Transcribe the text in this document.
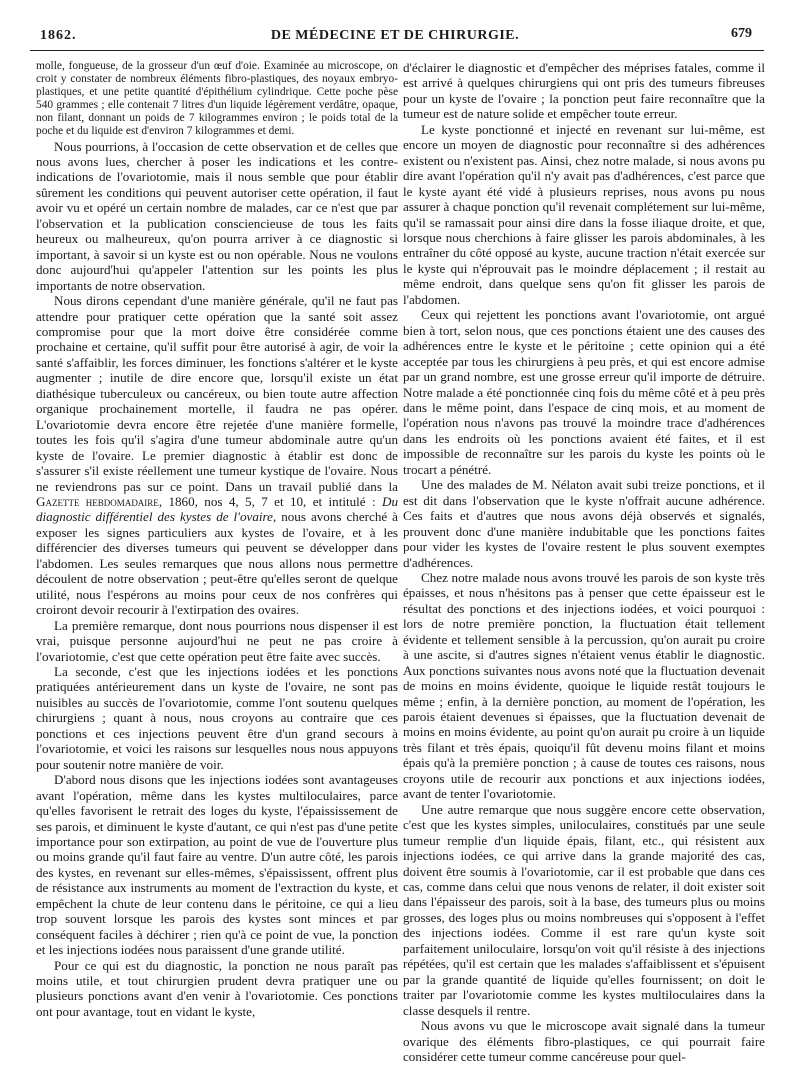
1862.	DE MÉDECINE ET DE CHIRURGIE.	679

molle, fongueuse, de la grosseur d'un œuf d'oie. Examinée au microscope, on croit y constater de nombreux éléments fibro-plastiques, des noyaux embryo-plastiques, et une petite quantité d'épithélium cylindrique. Cette poche pèse 540 grammes ; elle contenait 7 litres d'un liquide légèrement verdâtre, opaque, non filant, donnant un poids de 7 kilogrammes environ ; le poids total de la poche et du liquide est d'environ 7 kilogrammes et demi.

Nous pourrions, à l'occasion de cette observation et de celles que nous avons lues, chercher à poser les indications et les contre-indications de l'ovariotomie, mais il nous semble que pour établir sûrement les conditions qui peuvent autoriser cette opération, il faut avoir vu et opéré un certain nombre de malades, car ce n'est que par l'observation et la publication consciencieuse de tous les faits heureux ou malheureux, qu'on pourra arriver à ce diagnostic si important, à savoir si un kyste est ou non opérable. Nous ne voulons donc aujourd'hui qu'appeler l'attention sur les points les plus importants de notre observation.

Nous dirons cependant d'une manière générale, qu'il ne faut pas attendre pour pratiquer cette opération que la santé soit assez compromise pour que la mort doive être considérée comme prochaine et certaine, qu'il suffit pour être autorisé à agir, de voir la santé s'affaiblir, les forces diminuer, les fonctions s'altérer et le kyste augmenter ; inutile de dire encore que, lorsqu'il existe un état diathésique tuberculeux ou cancéreux, ou bien toute autre affection organique prochainement mortelle, il faudra ne pas opérer. L'ovariotomie devra encore être rejetée d'une manière formelle, toutes les fois qu'il s'agira d'une tumeur abdominale autre qu'un kyste de l'ovaire. Le premier diagnostic à établir est donc de s'assurer s'il existe réellement une tumeur kystique de l'ovaire. Nous ne reviendrons pas sur ce point. Dans un travail publié dans la Gazette hebdomadaire, 1860, nos 4, 5, 7 et 10, et intitulé : Du diagnostic différentiel des kystes de l'ovaire, nous avons cherché à exposer les signes particuliers aux kystes de l'ovaire, et à les différencier des diverses tumeurs qui peuvent se développer dans l'abdomen. Les seules remarques que nous allons nous permettre découlent de notre observation ; peut-être qu'elles seront de quelque utilité, nous l'espérons au moins pour ceux de nos confrères qui croiront devoir recourir à l'extirpation des ovaires.

La première remarque, dont nous pourrions nous dispenser il est vrai, puisque personne aujourd'hui ne peut ne pas croire à l'ovariotomie, c'est que cette opération peut être faite avec succès.

La seconde, c'est que les injections iodées et les ponctions pratiquées antérieurement dans un kyste de l'ovaire, ne sont pas nuisibles au succès de l'ovariotomie, comme l'ont soutenu quelques chirurgiens ; quant à nous, nous croyons au contraire que ces ponctions et ces injections peuvent être d'un grand secours à l'ovariotomie, et voici les raisons sur lesquelles nous nous appuyons pour soutenir notre manière de voir.

D'abord nous disons que les injections iodées sont avantageuses avant l'opération, même dans les kystes multiloculaires, parce qu'elles favorisent le retrait des loges du kyste, l'épaississement de ses parois, et diminuent le kyste d'autant, ce qui n'est pas d'une petite importance pour son extirpation, au point de vue de l'ouverture plus ou moins grande qu'il faut faire au ventre. D'un autre côté, les parois des kystes, en revenant sur elles-mêmes, s'épaississent, offrent plus de résistance aux instruments au moment de l'extraction du kyste, et empêchent la chute de leur contenu dans le péritoine, ce qui a lieu trop souvent lorsque les parois des kystes sont minces et par conséquent faciles à déchirer ; rien qu'à ce point de vue, la ponction et les injections iodées nous paraissent d'une grande utilité.

Pour ce qui est du diagnostic, la ponction ne nous paraît pas moins utile, et tout chirurgien prudent devra pratiquer une ou plusieurs ponctions avant d'en venir à l'ovariotomie. Ces ponctions ont pour avantage, tout en vidant le kyste,

d'éclairer le diagnostic et d'empêcher des méprises fatales, comme il est arrivé à quelques chirurgiens qui ont pris des tumeurs fibreuses pour un kyste de l'ovaire ; la ponction peut faire reconnaître que la tumeur est de nature solide et empêcher toute erreur.

Le kyste ponctionné et injecté en revenant sur lui-même, est encore un moyen de diagnostic pour reconnaître si des adhérences existent ou n'existent pas. Ainsi, chez notre malade, si nous avons pu dire avant l'opération qu'il n'y avait pas d'adhérences, c'est parce que le kyste ayant été vidé à plusieurs reprises, nous avons pu nous assurer à chaque ponction qu'il revenait complétement sur lui-même, qu'il se ramassait pour ainsi dire dans la fosse iliaque droite, et que, lorsque nous cherchions à faire glisser les parois abdominales, à les entraîner du côté opposé au kyste, aucune traction n'était exercée sur le kyste qui n'éprouvait pas le moindre déplacement ; il restait au même endroit, dans quelque sens qu'on fit glisser les parois de l'abdomen.

Ceux qui rejettent les ponctions avant l'ovariotomie, ont argué bien à tort, selon nous, que ces ponctions étaient une des causes des adhérences entre le kyste et le péritoine ; cette opinion qui a été acceptée par tous les chirurgiens à peu près, et qui est encore admise par un grand nombre, est une grosse erreur qu'il importe de détruire. Notre malade a été ponctionnée cinq fois du même côté et à peu près dans le même point, dans l'espace de cinq mois, et au moment de l'opération nous n'avons pas trouvé la moindre trace d'adhérences dans les endroits où les ponctions avaient été faites, et il est impossible de reconnaître sur les parois du kyste les points où le trocart a pénétré.

Une des malades de M. Nélaton avait subi treize ponctions, et il est dit dans l'observation que le kyste n'offrait aucune adhérence. Ces faits et d'autres que nous avons déjà observés et signalés, prouvent donc d'une manière indubitable que les ponctions faites pour vider les kystes de l'ovaire restent le plus souvent exemptes d'adhérences.

Chez notre malade nous avons trouvé les parois de son kyste très épaisses, et nous n'hésitons pas à penser que cette épaisseur est le résultat des ponctions et des injections iodées, et voici pourquoi : lors de notre première ponction, la fluctuation était tellement évidente et tellement sensible à la percussion, qu'on aurait pu croire à une ascite, si d'autres signes n'étaient venus établir le diagnostic. Aux ponctions suivantes nous avons noté que la fluctuation devenait de moins en moins évidente, quoique le liquide restât toujours le même ; enfin, à la dernière ponction, au moment de l'opération, les parois étaient devenues si épaisses, que la fluctuation devenait de moins en moins évidente, au point qu'on aurait pu croire à un liquide très filant et très épais, quoiqu'il fût devenu moins filant et moins épais qu'à la première ponction ; à cause de toutes ces raisons, nous croyons utile de recourir aux ponctions et aux injections iodées, avant de tenter l'ovariotomie.

Une autre remarque que nous suggère encore cette observation, c'est que les kystes simples, uniloculaires, constitués par une seule tumeur remplie d'un liquide épais, filant, etc., qui résistent aux injections iodées, ce qui arrive dans la grande majorité des cas, doivent être soumis à l'ovariotomie, car il est probable que dans ces cas, comme dans celui que nous venons de relater, il doit exister soit dans l'épaisseur des parois, soit à la base, des tumeurs plus ou moins grosses, des loges plus ou moins nombreuses qui s'opposent à l'effet des injections iodées. Comme il est rare qu'un kyste soit parfaitement uniloculaire, lorsqu'on voit qu'il résiste à des injections répétées, qu'il est certain que les malades s'affaiblissent et s'épuisent par la grande quantité de liquide qu'elles fournissent; on doit le traiter par l'ovariotomie comme les kystes multiloculaires dans la classe desquels il rentre.

Nous avons vu que le microscope avait signalé dans la tumeur ovarique des éléments fibro-plastiques, ce qui pourrait faire considérer cette tumeur comme cancéreuse pour quel-
